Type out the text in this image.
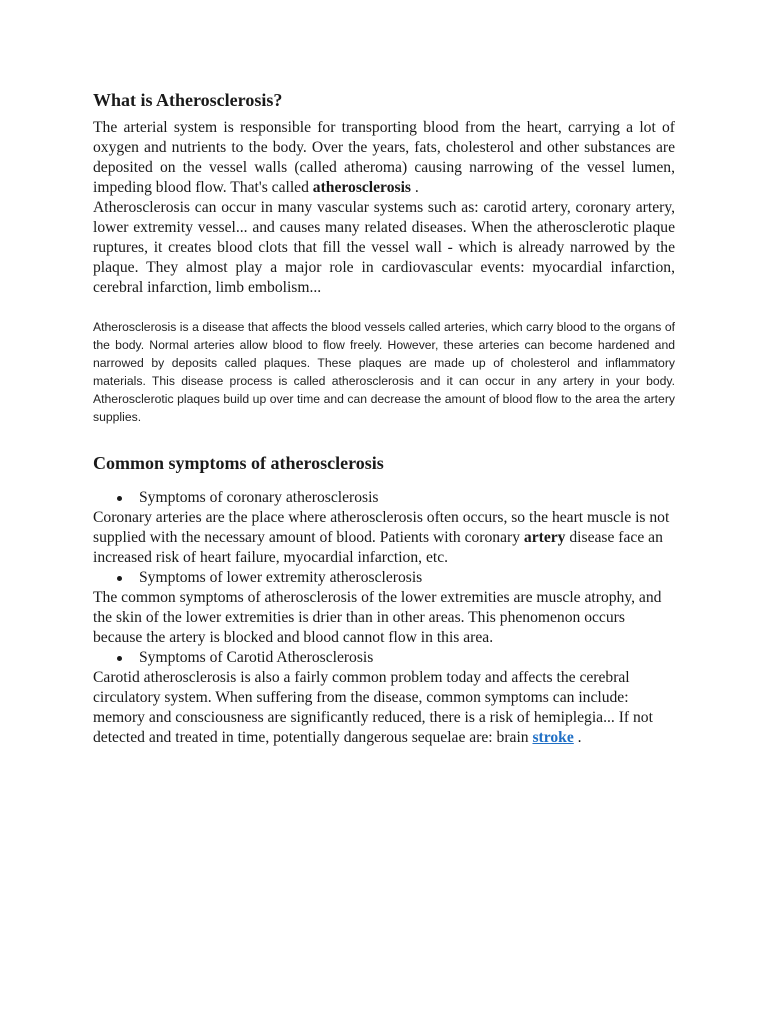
What is Atherosclerosis?

The arterial system is responsible for transporting blood from the heart, carrying a lot of oxygen and nutrients to the body. Over the years, fats, cholesterol and other substances are deposited on the vessel walls (called atheroma) causing narrowing of the vessel lumen, impeding blood flow. That's called atherosclerosis .

Atherosclerosis can occur in many vascular systems such as: carotid artery, coronary artery, lower extremity vessel... and causes many related diseases. When the atherosclerotic plaque ruptures, it creates blood clots that fill the vessel wall - which is already narrowed by the plaque. They almost play a major role in cardiovascular events: myocardial infarction, cerebral infarction, limb embolism...

Atherosclerosis is a disease that affects the blood vessels called arteries, which carry blood to the organs of the body. Normal arteries allow blood to flow freely. However, these arteries can become hardened and narrowed by deposits called plaques. These plaques are made up of cholesterol and inflammatory materials. This disease process is called atherosclerosis and it can occur in any artery in your body. Atherosclerotic plaques build up over time and can decrease the amount of blood flow to the area the artery supplies.

Common symptoms of atherosclerosis
Symptoms of coronary atherosclerosis

Coronary arteries are the place where atherosclerosis often occurs, so the heart muscle is not supplied with the necessary amount of blood. Patients with coronary artery disease face an increased risk of heart failure, myocardial infarction, etc.

Symptoms of lower extremity atherosclerosis

The common symptoms of atherosclerosis of the lower extremities are muscle atrophy, and the skin of the lower extremities is drier than in other areas. This phenomenon occurs because the artery is blocked and blood cannot flow in this area.

Symptoms of Carotid Atherosclerosis

Carotid atherosclerosis is also a fairly common problem today and affects the cerebral circulatory system. When suffering from the disease, common symptoms can include: memory and consciousness are significantly reduced, there is a risk of hemiplegia... If not detected and treated in time, potentially dangerous sequelae are: brain stroke .
